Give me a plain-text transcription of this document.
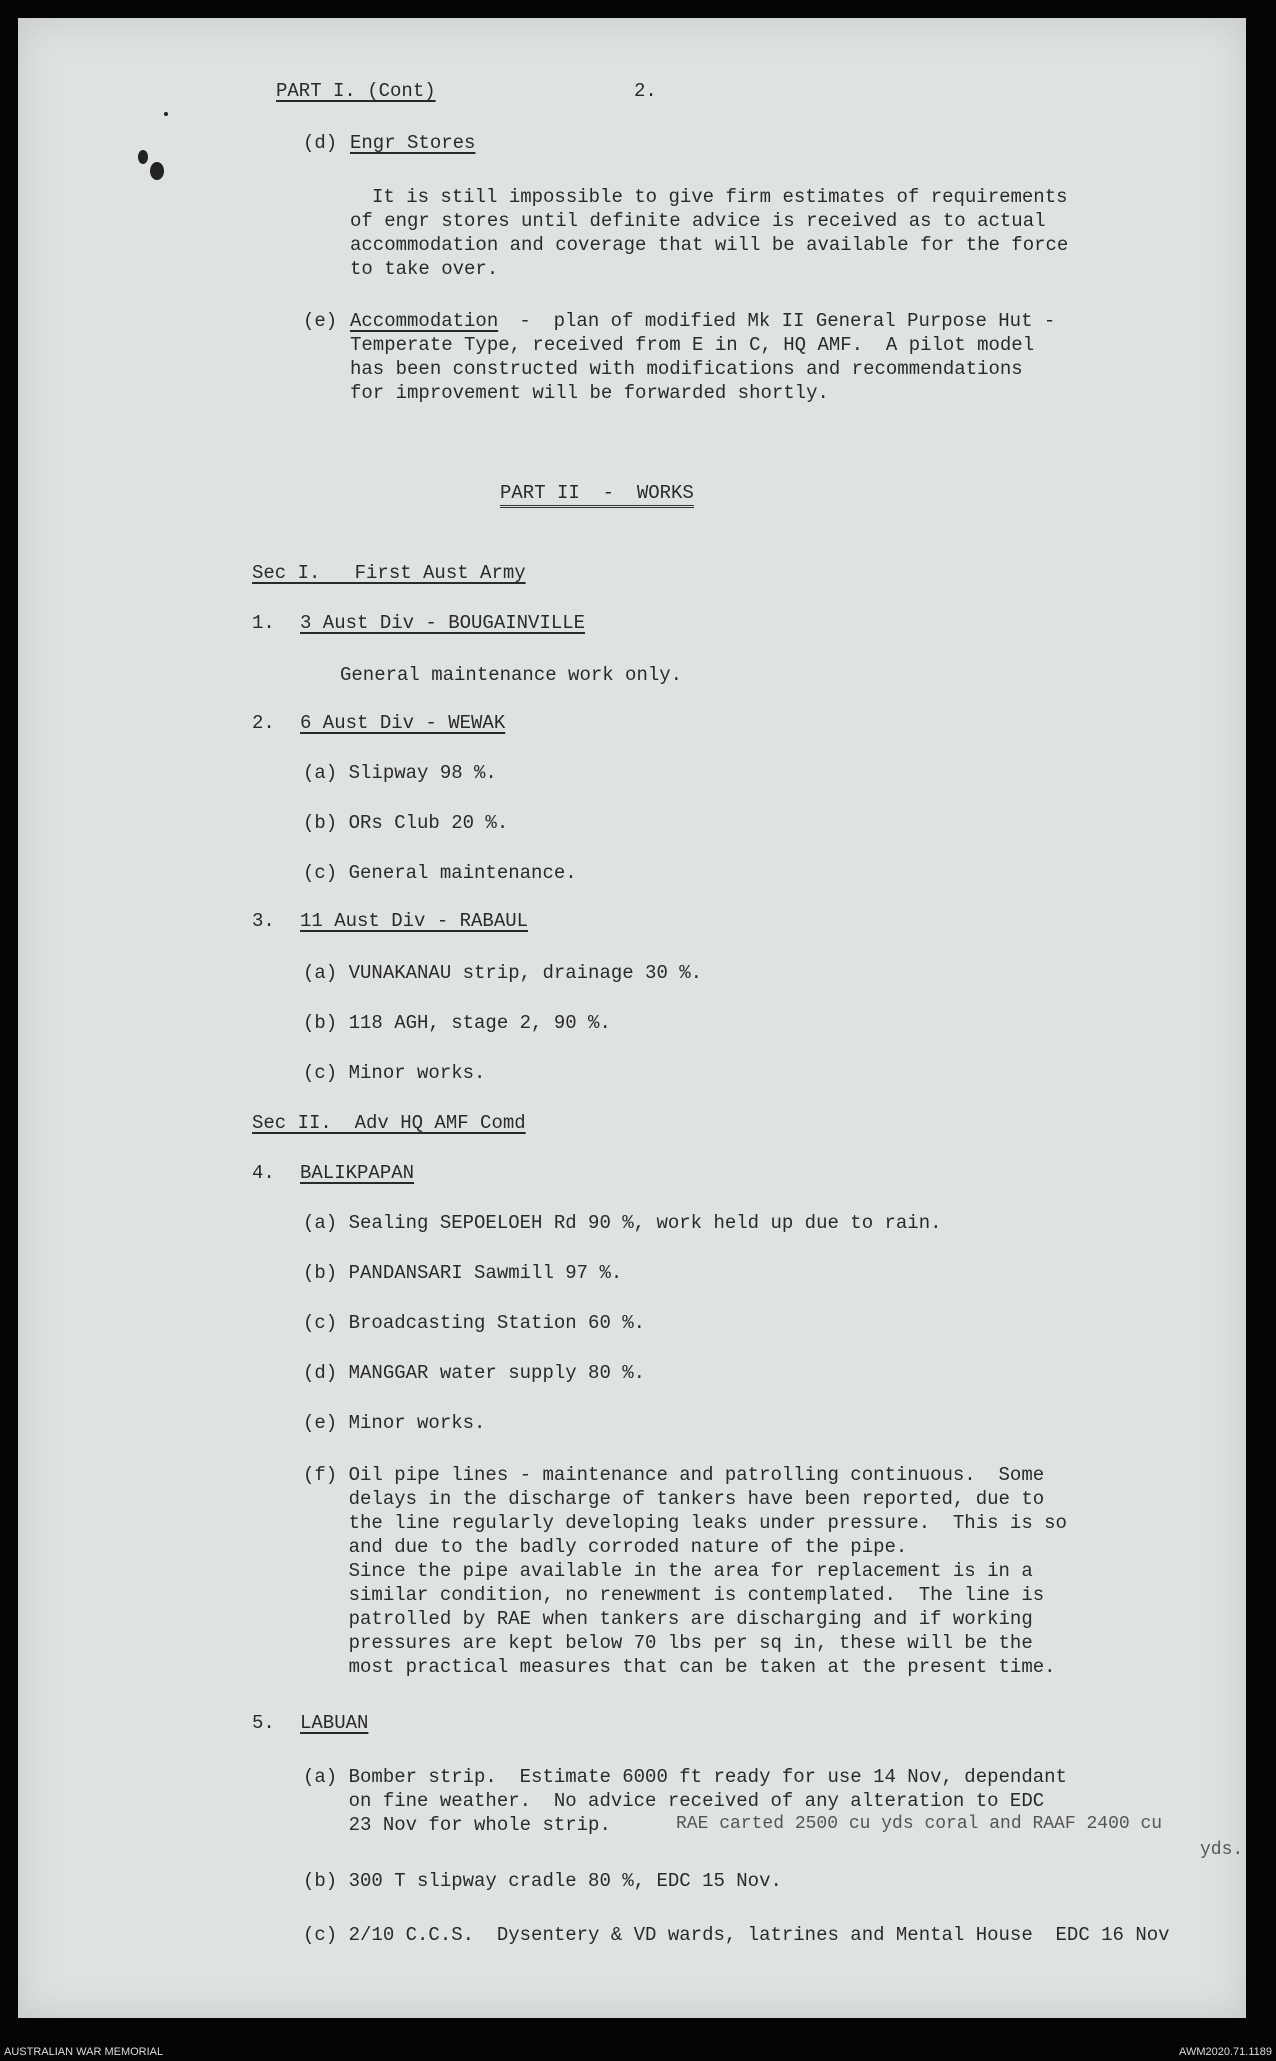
PART I. (Cont)	2.
(d) Engr Stores
It is still impossible to give firm estimates of requirements
of engr stores until definite advice is received as to actual
accommodation and coverage that will be available for the force
to take over.
(e) Accommodation -  plan of modified Mk II General Purpose Hut -
Temperate Type, received from E in C, HQ AMF.  A pilot model
has been constructed with modifications and recommendations
for improvement will be forwarded shortly.
PART II  -  WORKS
Sec I.   First Aust Army
1. 3 Aust Div - BOUGAINVILLE
General maintenance work only.
2. 6 Aust Div - WEWAK
(a) Slipway 98 %.
(b) ORs Club 20 %.
(c) General maintenance.
3. 11 Aust Div - RABAUL
(a) VUNAKANAU strip, drainage 30 %.
(b) 118 AGH, stage 2, 90 %.
(c) Minor works.
Sec II.  Adv HQ AMF Comd
4. BALIKPAPAN
(a) Sealing SEPOELOEH Rd 90 %, work held up due to rain.
(b) PANDANSARI Sawmill 97 %.
(c) Broadcasting Station 60 %.
(d) MANGGAR water supply 80 %.
(e) Minor works.
(f) Oil pipe lines - maintenance and patrolling continuous.  Some
delays in the discharge of tankers have been reported, due to
the line regularly developing leaks under pressure.  This is so
and due to the badly corroded nature of the pipe.
Since the pipe available in the area for replacement is in a
similar condition, no renewment is contemplated.  The line is
patrolled by RAE when tankers are discharging and if working
pressures are kept below 70 lbs per sq in, these will be the
most practical measures that can be taken at the present time.
5. LABUAN
(a) Bomber strip.  Estimate 6000 ft ready for use 14 Nov, dependant
on fine weather.  No advice received of any alteration to EDC
23 Nov for whole strip.	RAE carted 2500 cu yds coral and RAAF 2400 cu
yds.
(b) 300 T slipway cradle 80 %, EDC 15 Nov.
(c) 2/10 C.C.S.  Dysentery & VD wards, latrines and Mental House  EDC 16 Nov
AUSTRALIAN WAR MEMORIAL	AWM2020.71.1189
